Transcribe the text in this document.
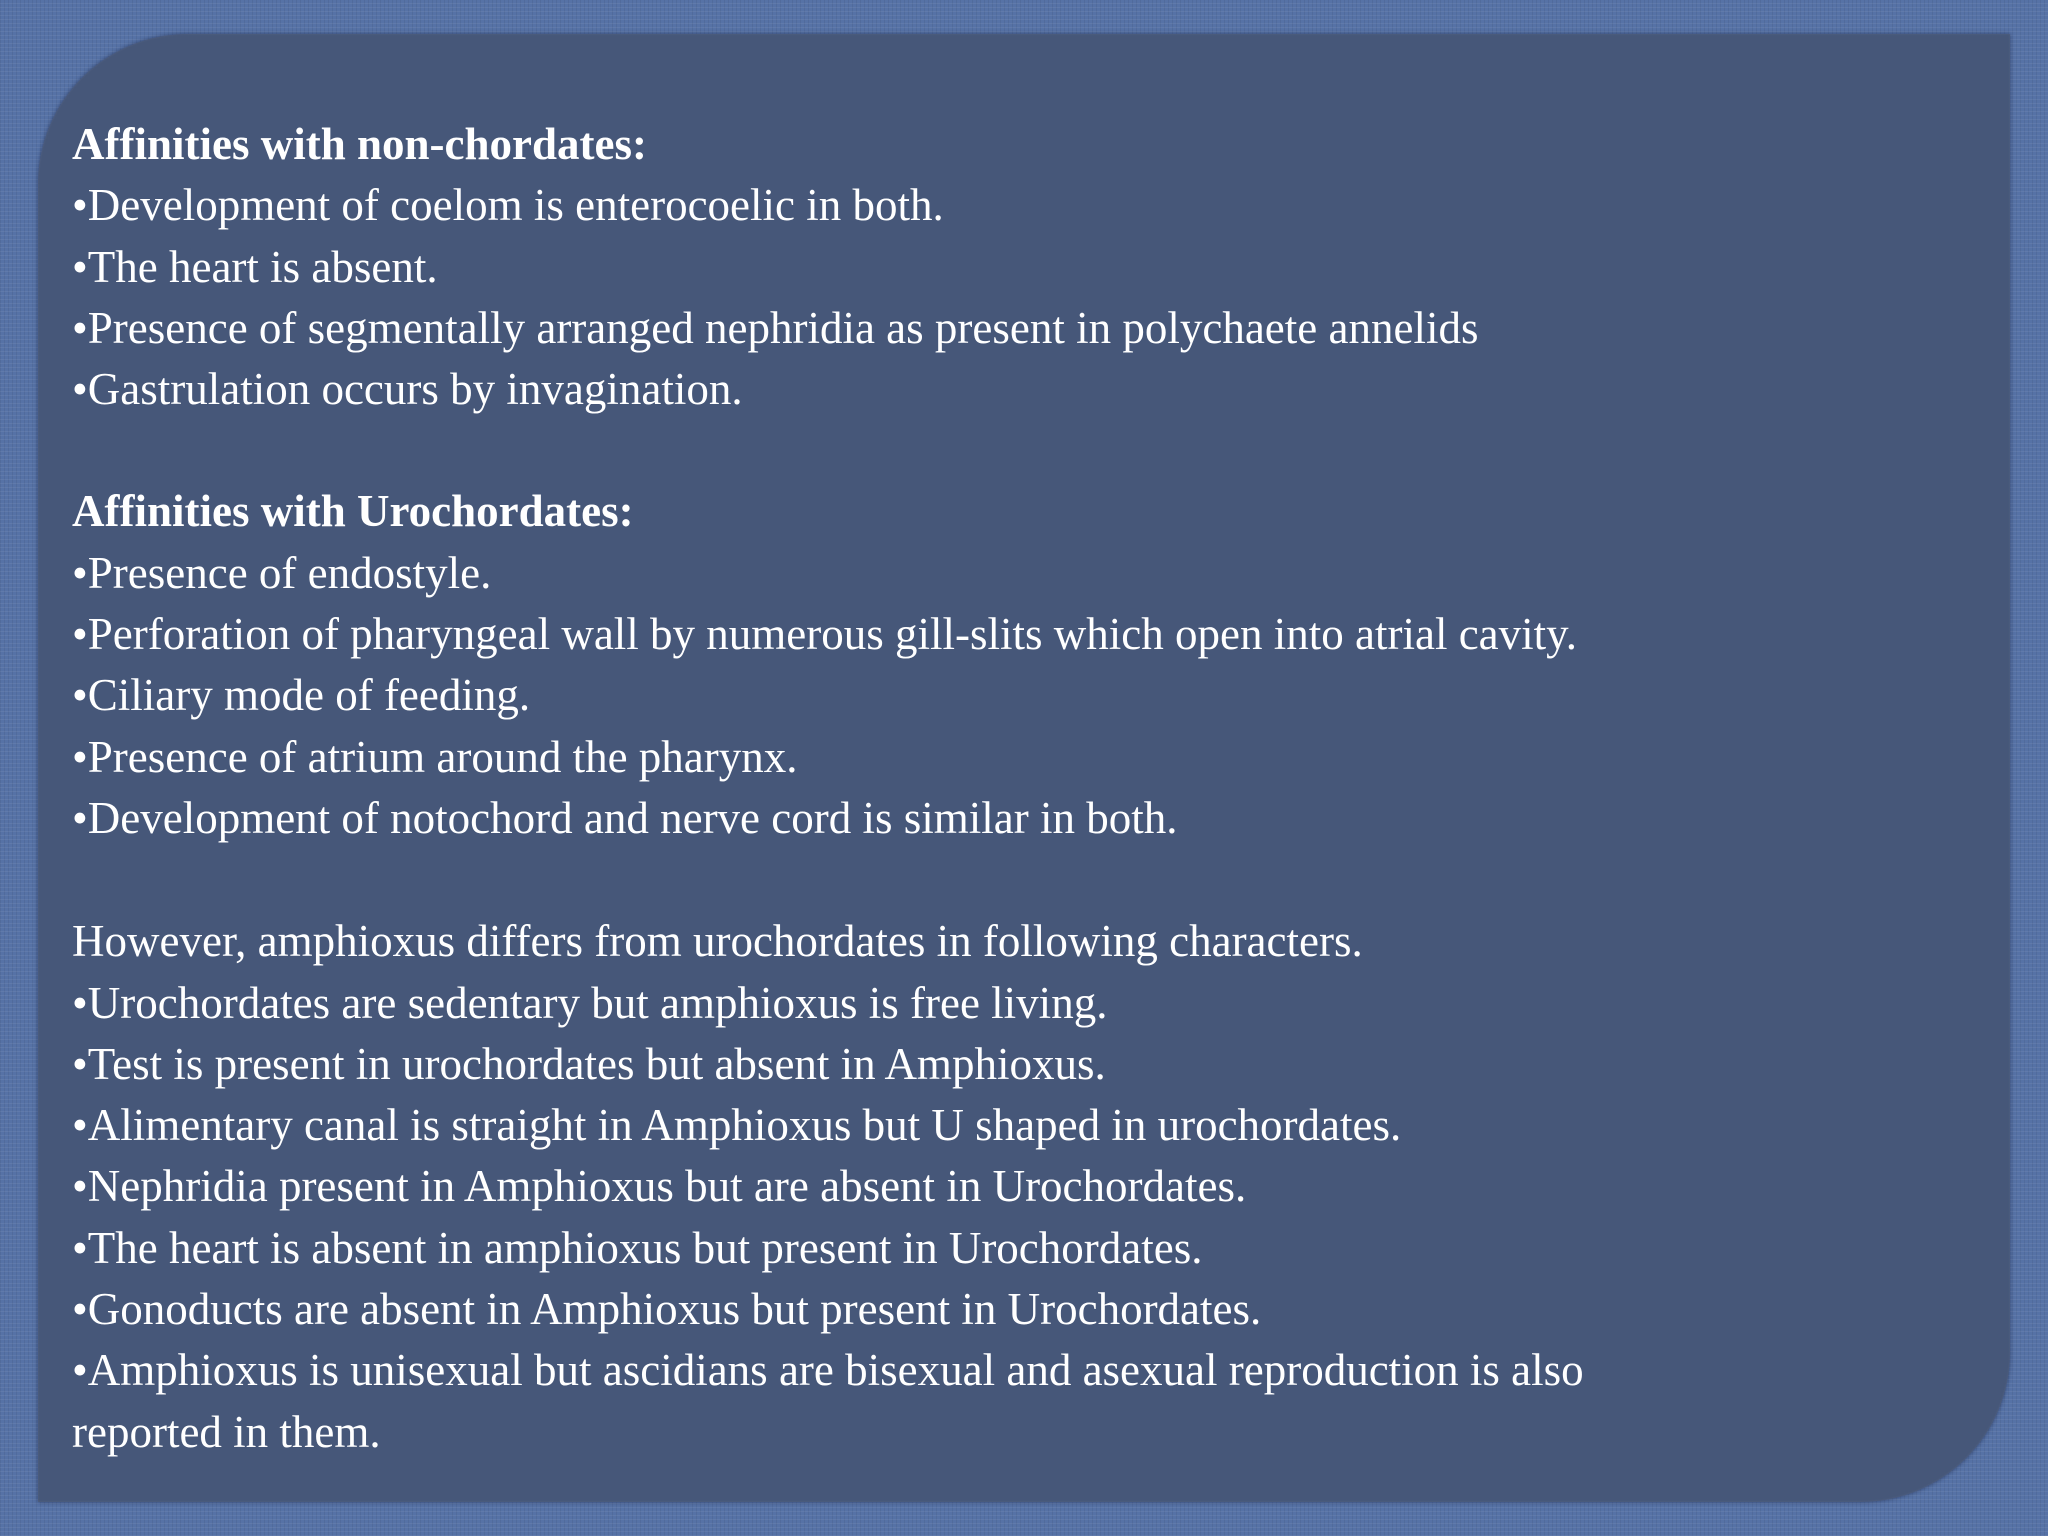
Affinities with non-chordates:

•Development of coelom is enterocoelic in both.

•The heart is absent.

•Presence of segmentally arranged nephridia as present in polychaete annelids

•Gastrulation occurs by invagination.

Affinities with Urochordates:

•Presence of endostyle.

•Perforation of pharyngeal wall by numerous gill-slits which open into atrial cavity.

•Ciliary mode of feeding.

•Presence of atrium around the pharynx.

•Development of notochord and nerve cord is similar in both.

However, amphioxus differs from urochordates in following characters.

•Urochordates are sedentary but amphioxus is free living.

•Test is present in urochordates but absent in Amphioxus.

•Alimentary canal is straight in Amphioxus but U shaped in urochordates.

•Nephridia present in Amphioxus but are absent in Urochordates.

•The heart is absent in amphioxus but present in Urochordates.

•Gonoducts are absent in Amphioxus but present in Urochordates.

•Amphioxus is unisexual but ascidians are bisexual and asexual reproduction is also

reported in them.
